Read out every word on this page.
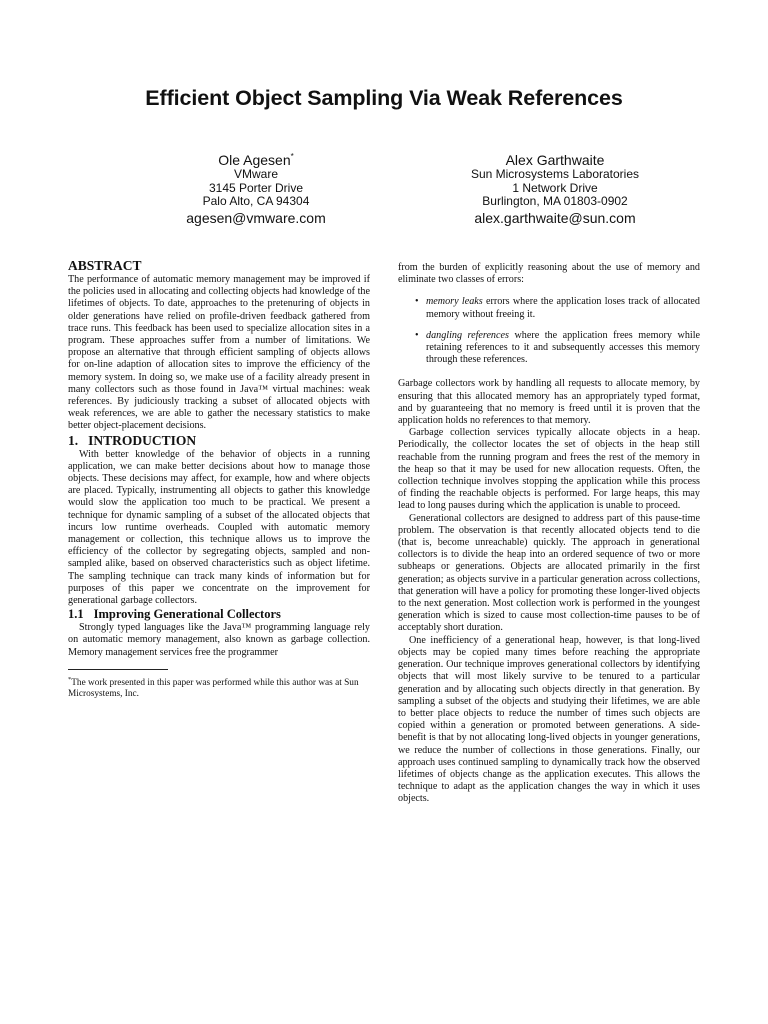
Efficient Object Sampling Via Weak References
Ole Agesen*
VMware
3145 Porter Drive
Palo Alto, CA 94304
agesen@vmware.com
Alex Garthwaite
Sun Microsystems Laboratories
1 Network Drive
Burlington, MA 01803-0902
alex.garthwaite@sun.com
ABSTRACT

The performance of automatic memory management may be improved if the policies used in allocating and collecting objects had knowledge of the lifetimes of objects. To date, approaches to the pretenuring of objects in older generations have relied on profile-driven feedback gathered from trace runs. This feedback has been used to specialize allocation sites in a program. These approaches suffer from a number of limitations. We propose an alternative that through efficient sampling of objects allows for on-line adaption of allocation sites to improve the efficiency of the memory system. In doing so, we make use of a facility already present in many collectors such as those found in Java™ virtual machines: weak references. By judiciously tracking a subset of allocated objects with weak references, we are able to gather the necessary statistics to make better object-placement decisions.

1. INTRODUCTION

With better knowledge of the behavior of objects in a running application, we can make better decisions about how to manage those objects. These decisions may affect, for example, how and where objects are placed. Typically, instrumenting all objects to gather this knowledge would slow the application too much to be practical. We present a technique for dynamic sampling of a subset of the allocated objects that incurs low runtime overheads. Coupled with automatic memory management or collection, this technique allows us to improve the efficiency of the collector by segregating objects, sampled and non-sampled alike, based on observed characteristics such as object lifetime. The sampling technique can track many kinds of information but for purposes of this paper we concentrate on the improvement for generational garbage collectors.

1.1 Improving Generational Collectors

Strongly typed languages like the Java™ programming language rely on automatic memory management, also known as garbage collection. Memory management services free the programmer

*The work presented in this paper was performed while this author was at Sun Microsystems, Inc.

from the burden of explicitly reasoning about the use of memory and eliminate two classes of errors:

• memory leaks errors where the application loses track of allocated memory without freeing it.
• dangling references where the application frees memory while retaining references to it and subsequently accesses this memory through these references.

Garbage collectors work by handling all requests to allocate memory, by ensuring that this allocated memory has an appropriately typed format, and by guaranteeing that no memory is freed until it is proven that the application holds no references to that memory.

Garbage collection services typically allocate objects in a heap. Periodically, the collector locates the set of objects in the heap still reachable from the running program and frees the rest of the memory in the heap so that it may be used for new allocation requests. Often, the collection technique involves stopping the application while this process of finding the reachable objects is performed. For large heaps, this may lead to long pauses during which the application is unable to proceed.

Generational collectors are designed to address part of this pause-time problem. The observation is that recently allocated objects tend to die (that is, become unreachable) quickly. The approach in generational collectors is to divide the heap into an ordered sequence of two or more subheaps or generations. Objects are allocated primarily in the first generation; as objects survive in a particular generation across collections, that generation will have a policy for promoting these longer-lived objects to the next generation. Most collection work is performed in the youngest generation which is sized to cause most collection-time pauses to be of acceptably short duration.

One inefficiency of a generational heap, however, is that long-lived objects may be copied many times before reaching the appropriate generation. Our technique improves generational collectors by identifying objects that will most likely survive to be tenured to a particular generation and by allocating such objects directly in that generation. By sampling a subset of the objects and studying their lifetimes, we are able to better place objects to reduce the number of times such objects are copied within a generation or promoted between generations. A side-benefit is that by not allocating long-lived objects in younger generations, we reduce the number of collections in those generations. Finally, our approach uses continued sampling to dynamically track how the observed lifetimes of objects change as the application executes. This allows the technique to adapt as the application changes the way in which it uses objects.
